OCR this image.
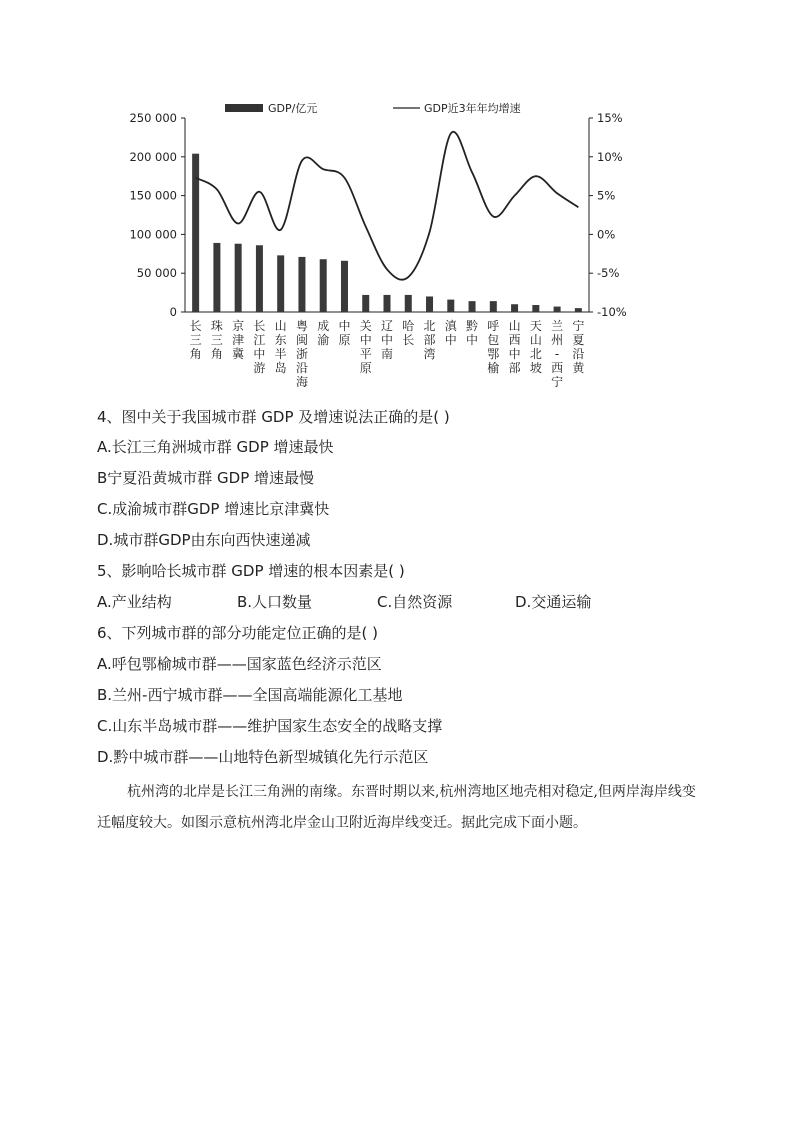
GDP/亿元	GDP近3年年均增速
250 000
200 000
150 000
100 000
50 000
0
15%
10%
5%
0%
-5%
-10%
长
三
角
珠
三
角
京
津
冀
长
江
中
游
山
东
半
岛
粤
闽
浙
沿
海
成
渝
中
原
关
中
平
原
辽
中
南
哈
长
北
部
湾
滇
中
黔
中
呼
包
鄂
榆
山
西
中
部
天
山
北
坡
兰
州
-
西
宁
宁
夏
沿
黄
4、图中关于我国城市群 GDP 及增速说法正确的是( )
A.长江三角洲城市群 GDP 增速最快
B宁夏沿黄城市群 GDP 增速最慢
C.成渝城市群GDP 增速比京津冀快
D.城市群GDP由东向西快速递减
5、影响哈长城市群 GDP 增速的根本因素是( )
A.产业结构	B.人口数量	C.自然资源	D.交通运输
6、下列城市群的部分功能定位正确的是( )
A.呼包鄂榆城市群——国家蓝色经济示范区
B.兰州-西宁城市群——全国高端能源化工基地
C.山东半岛城市群——维护国家生态安全的战略支撑
D.黔中城市群——山地特色新型城镇化先行示范区
杭州湾的北岸是长江三角洲的南缘。东晋时期以来,杭州湾地区地壳相对稳定,但两岸海岸线变迁幅度较大。如图示意杭州湾北岸金山卫附近海岸线变迁。据此完成下面小题。
